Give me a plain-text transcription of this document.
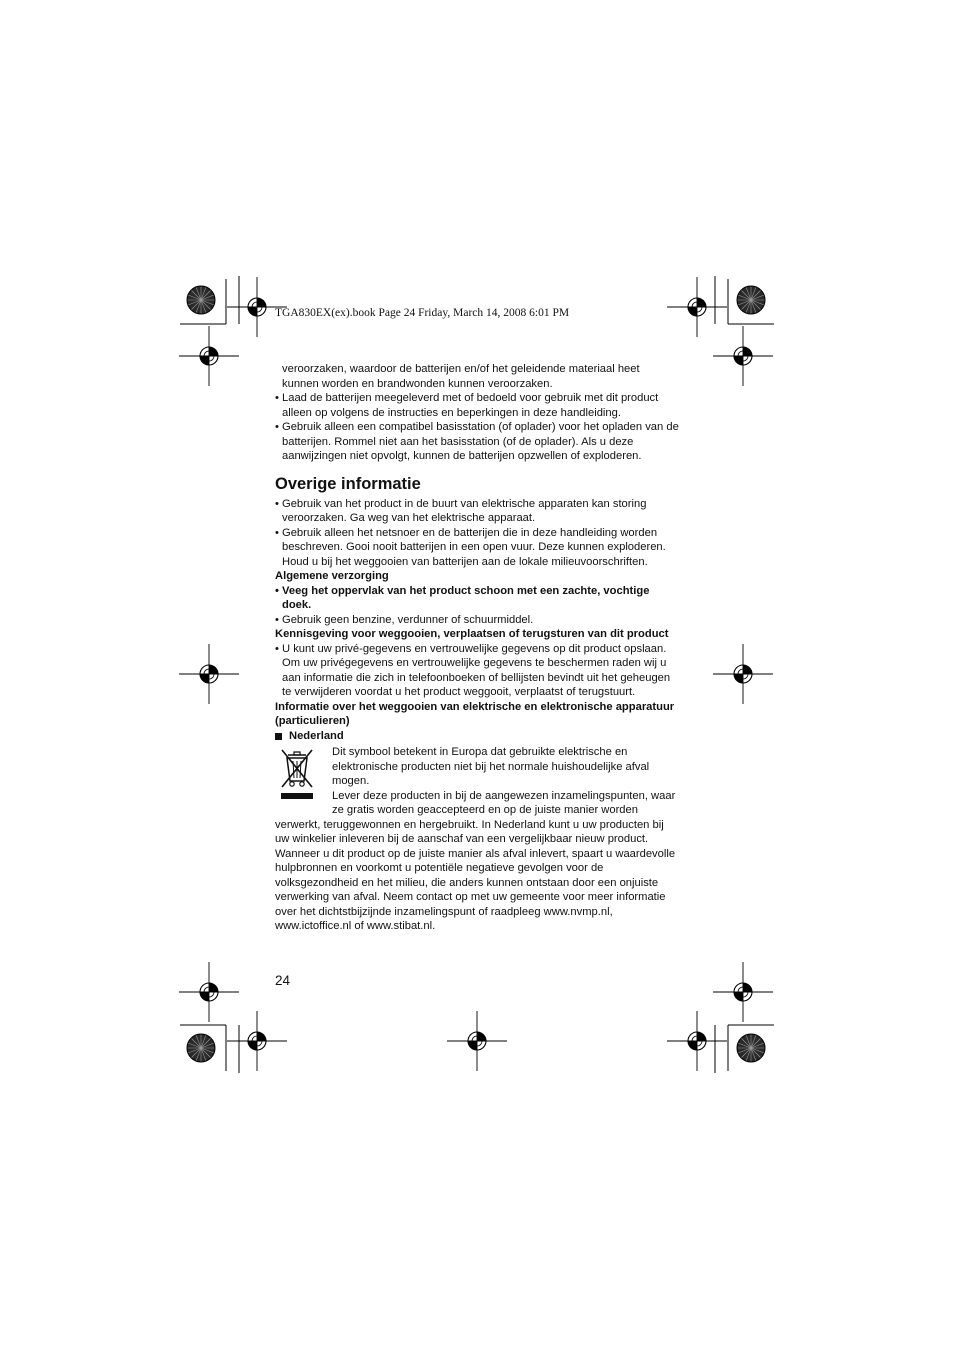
TGA830EX(ex).book Page 24 Friday, March 14, 2008 6:01 PM

veroorzaken, waardoor de batterijen en/of het geleidende materiaal heet kunnen worden en brandwonden kunnen veroorzaken.

• Laad de batterijen meegeleverd met of bedoeld voor gebruik met dit product alleen op volgens de instructies en beperkingen in deze handleiding.
• Gebruik alleen een compatibel basisstation (of oplader) voor het opladen van de batterijen. Rommel niet aan het basisstation (of de oplader). Als u deze aanwijzingen niet opvolgt, kunnen de batterijen opzwellen of exploderen.
Overige informatie
• Gebruik van het product in de buurt van elektrische apparaten kan storing veroorzaken. Ga weg van het elektrische apparaat.
• Gebruik alleen het netsnoer en de batterijen die in deze handleiding worden beschreven. Gooi nooit batterijen in een open vuur. Deze kunnen exploderen. Houd u bij het weggooien van batterijen aan de lokale milieuvoorschriften.

Algemene verzorging

• Veeg het oppervlak van het product schoon met een zachte, vochtige doek.
• Gebruik geen benzine, verdunner of schuurmiddel.

Kennisgeving voor weggooien, verplaatsen of terugsturen van dit product

• U kunt uw privé-gegevens en vertrouwelijke gegevens op dit product opslaan. Om uw privégegevens en vertrouwelijke gegevens te beschermen raden wij u aan informatie die zich in telefoonboeken of bellijsten bevindt uit het geheugen te verwijderen voordat u het product weggooit, verplaatst of terugstuurt.

Informatie over het weggooien van elektrische en elektronische apparatuur (particulieren)

Nederland

Dit symbool betekent in Europa dat gebruikte elektrische en elektronische producten niet bij het normale huishoudelijke afval mogen.

Lever deze producten in bij de aangewezen inzamelingspunten, waar ze gratis worden geaccepteerd en op de juiste manier worden

verwerkt, teruggewonnen en hergebruikt. In Nederland kunt u uw producten bij uw winkelier inleveren bij de aanschaf van een vergelijkbaar nieuw product. Wanneer u dit product op de juiste manier als afval inlevert, spaart u waardevolle hulpbronnen en voorkomt u potentiële negatieve gevolgen voor de volksgezondheid en het milieu, die anders kunnen ontstaan door een onjuiste verwerking van afval. Neem contact op met uw gemeente voor meer informatie over het dichtstbijzijnde inzamelingspunt of raadpleeg www.nvmp.nl, www.ictoffice.nl of www.stibat.nl.

24
